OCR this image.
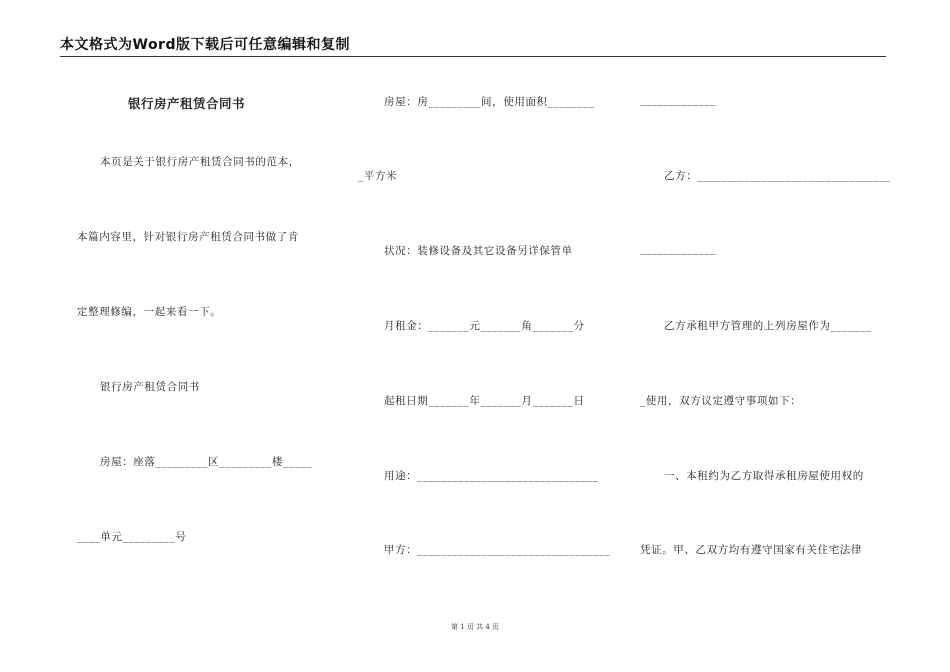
本文格式为Word版下载后可任意编辑和复制
银行房产租赁合同书
本页是关于银行房产租赁合同书的范本，
本篇内容里，针对银行房产租赁合同书做了肯
定整理修编，一起来看一下。
银行房产租赁合同书
房屋：座落_________区_________楼_____
____单元_________号
房屋：房_________间，使用面积________
_平方米
状况：装修设备及其它设备另详保管单
月租金：_______元_______角_______分
起租日期_______年_______月_______日
用途：_______________________________
甲方：_________________________________
_____________
乙方：_________________________________
_____________
乙方承租甲方管理的上列房屋作为_______
_使用，双方议定遵守事项如下：
一、本租约为乙方取得承租房屋使用权的
凭证。甲、乙双方均有遵守国家有关住宅法律
第 1 页 共 4 页
